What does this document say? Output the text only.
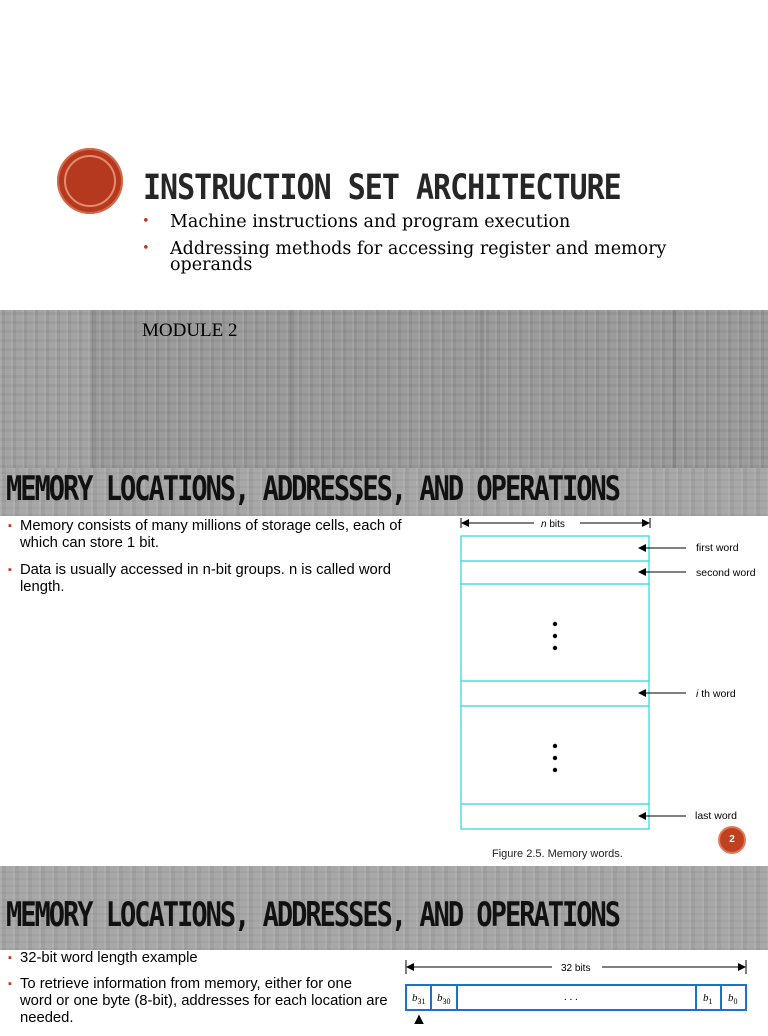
INSTRUCTION SET ARCHITECTURE
• Machine instructions and program execution
• Addressing methods for accessing register and memory operands
MODULE 2
MEMORY LOCATIONS, ADDRESSES, AND OPERATIONS
▪ Memory consists of many millions of storage cells, each of which can store 1 bit.
▪ Data is usually accessed in n-bit groups. n is called word length.
n bits
first word
second word
i th word
last word
Figure 2.5. Memory words.
2
MEMORY LOCATIONS, ADDRESSES, AND OPERATIONS
▪ 32-bit word length example
▪ To retrieve information from memory, either for one word or one byte (8-bit), addresses for each location are needed.
32 bits
$b_{31}$ $b_{30}$	. . .	$b_1$ $b_0$
